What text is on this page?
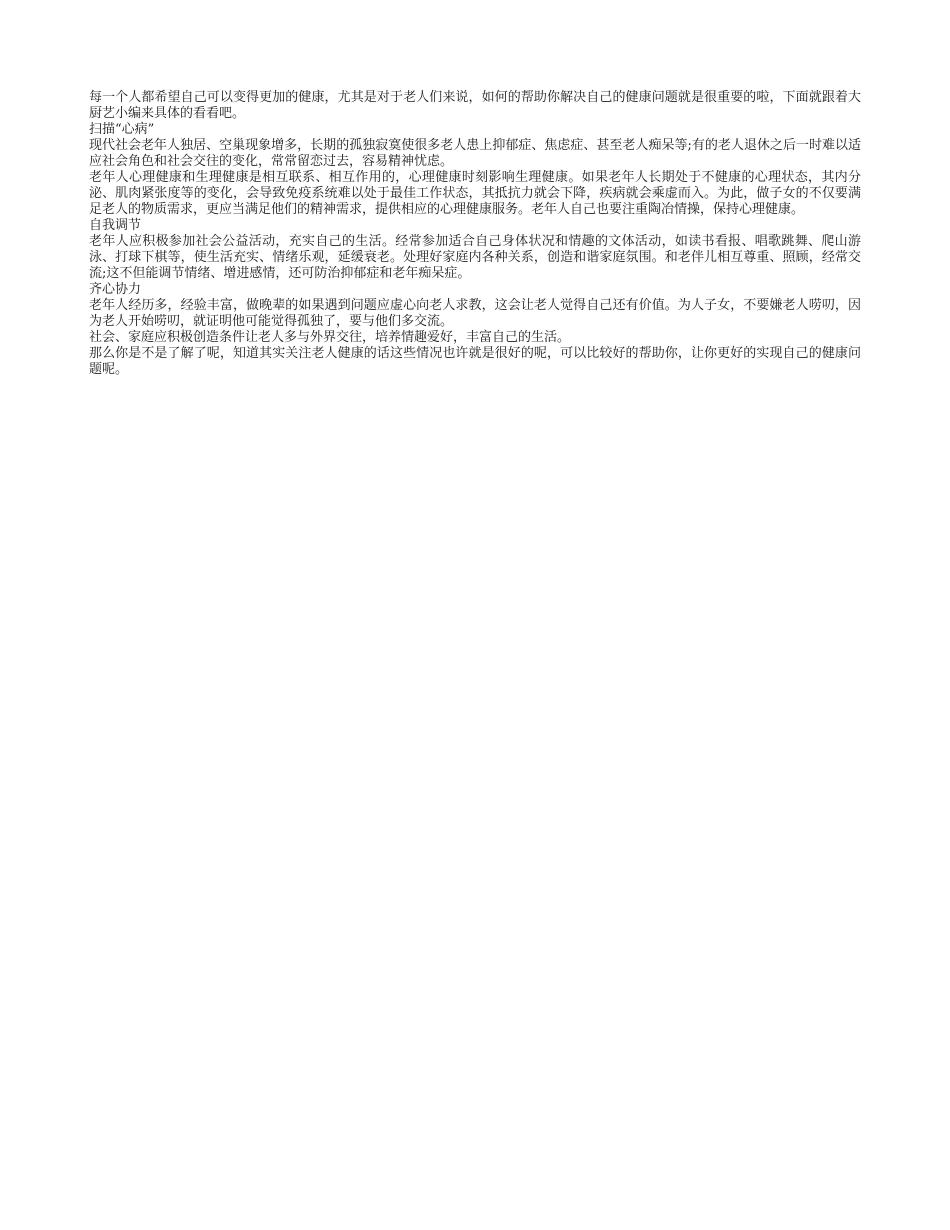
每一个人都希望自己可以变得更加的健康，尤其是对于老人们来说，如何的帮助你解决自己的健康问题就是很重要的啦，下面就跟着大厨艺小编来具体的看看吧。

扫描“心病”

现代社会老年人独居、空巢现象增多，长期的孤独寂寞使很多老人患上抑郁症、焦虑症、甚至老人痴呆等;有的老人退休之后一时难以适应社会角色和社会交往的变化，常常留恋过去，容易精神忧虑。

老年人心理健康和生理健康是相互联系、相互作用的，心理健康时刻影响生理健康。如果老年人长期处于不健康的心理状态，其内分泌、肌肉紧张度等的变化，会导致免疫系统难以处于最佳工作状态，其抵抗力就会下降，疾病就会乘虚而入。为此，做子女的不仅要满足老人的物质需求，更应当满足他们的精神需求，提供相应的心理健康服务。老年人自己也要注重陶冶情操，保持心理健康。

自我调节

老年人应积极参加社会公益活动，充实自己的生活。经常参加适合自己身体状况和情趣的文体活动，如读书看报、唱歌跳舞、爬山游泳、打球下棋等，使生活充实、情绪乐观，延缓衰老。处理好家庭内各种关系，创造和谐家庭氛围。和老伴儿相互尊重、照顾，经常交流;这不但能调节情绪、增进感情，还可防治抑郁症和老年痴呆症。

齐心协力

老年人经历多，经验丰富，做晚辈的如果遇到问题应虚心向老人求教，这会让老人觉得自己还有价值。为人子女，不要嫌老人唠叨，因为老人开始唠叨，就证明他可能觉得孤独了，要与他们多交流。

社会、家庭应积极创造条件让老人多与外界交往，培养情趣爱好，丰富自己的生活。

那么你是不是了解了呢，知道其实关注老人健康的话这些情况也许就是很好的呢，可以比较好的帮助你，让你更好的实现自己的健康问题呢。
